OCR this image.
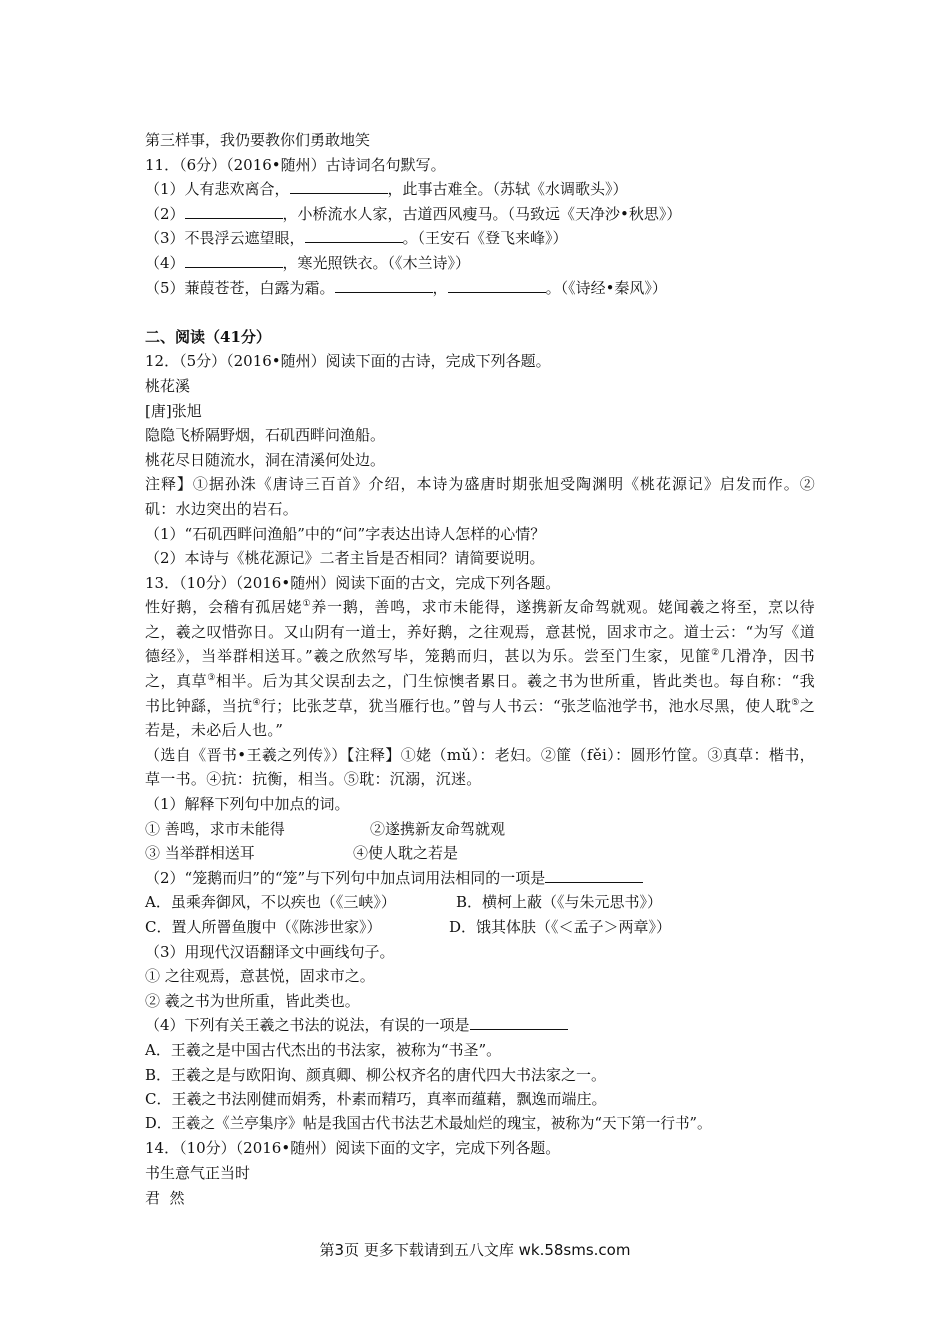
第三样事，我仍要教你们勇敢地笑
11．（6分）（2016•随州）古诗词名句默写。
（1）人有悲欢离合，	，此事古难全。（苏轼《水调歌头》）
（2）	，小桥流水人家，古道西风瘦马。（马致远《天净沙•秋思》）
（3）不畏浮云遮望眼，	。（王安石《登飞来峰》）
（4）	，寒光照铁衣。（《木兰诗》）
（5）蒹葭苍苍，白露为霜。	，	。（《诗经•秦风》）
二、阅读（41分）
12．（5分）（2016•随州）阅读下面的古诗，完成下列各题。
桃花溪
[唐]张旭
隐隐飞桥隔野烟，石矶西畔问渔船。
桃花尽日随流水，洞在清溪何处边。
注释】①据孙洙《唐诗三百首》介绍，本诗为盛唐时期张旭受陶渊明《桃花源记》启发而作。②矶：水边突出的岩石。
（1）“石矶西畔问渔船”中的“问”字表达出诗人怎样的心情？
（2）本诗与《桃花源记》二者主旨是否相同？请简要说明。
13．（10分）（2016•随州）阅读下面的古文，完成下列各题。
性好鹅，会稽有孤居姥①养一鹅，善鸣，求市未能得，遂携新友命驾就观。姥闻羲之将至，烹以待之，羲之叹惜弥日。又山阴有一道士，养好鹅，之往观焉，意甚悦，固求市之。道士云：“为写《道德经》，当举群相送耳。”羲之欣然写毕，笼鹅而归，甚以为乐。尝至门生家，见篚②几滑净，因书之，真草③相半。后为其父误刮去之，门生惊懊者累日。羲之书为世所重，皆此类也。每自称：“我书比钟繇，当抗④行；比张芝草，犹当雁行也。”曾与人书云：“张芝临池学书，池水尽黑，使人耽⑤之若是，未必后人也。”
（选自《晋书•王羲之列传》）【注释】①姥（mǔ）：老妇。②篚（fěi）：圆形竹筐。③真草：楷书，草一书。④抗：抗衡，相当。⑤耽：沉溺，沉迷。
（1）解释下列句中加点的词。
① 善鸣，求市未能得	②遂携新友命驾就观
③ 当举群相送耳	④使人耽之若是
（2）“笼鹅而归”的“笼”与下列句中加点词用法相同的一项是
A．虽乘奔御风，不以疾也（《三峡》）	B．横柯上蔽（《与朱元思书》）
C．置人所罾鱼腹中（《陈涉世家》）	D．饿其体肤（《＜孟子＞两章》）
（3）用现代汉语翻译文中画线句子。
① 之往观焉，意甚悦，固求市之。
② 羲之书为世所重，皆此类也。
（4）下列有关王羲之书法的说法，有误的一项是
A．王羲之是中国古代杰出的书法家，被称为“书圣”。
B．王羲之是与欧阳询、颜真卿、柳公权齐名的唐代四大书法家之一。
C．王羲之书法刚健而娟秀，朴素而精巧，真率而蕴藉，飘逸而端庄。
D．王羲之《兰亭集序》帖是我国古代书法艺术最灿烂的瑰宝，被称为“天下第一行书”。
14．（10分）（2016•随州）阅读下面的文字，完成下列各题。
书生意气正当时
君  然
第3页 更多下载请到五八文库 wk.58sms.com
